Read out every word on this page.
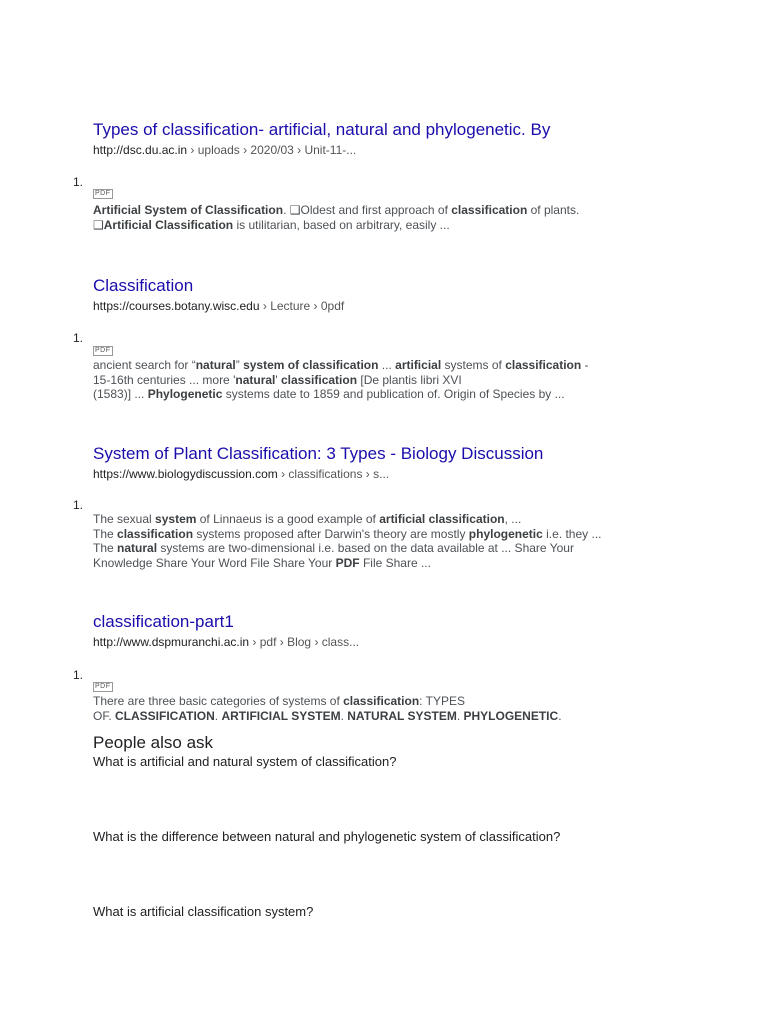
Types of classification- artificial, natural and phylogenetic. By
http://dsc.du.ac.in › uploads › 2020/03 › Unit-11-...
1.
PDF
Artificial System of Classification. ❑Oldest and first approach of classification of plants.
❑Artificial Classification is utilitarian, based on arbitrary, easily ...
Classification
https://courses.botany.wisc.edu › Lecture › 0pdf
1.
PDF
ancient search for “natural” system of classification ... artificial systems of classification -
15-16th centuries ... more 'natural' classification [De plantis libri XVI
(1583)] ... Phylogenetic systems date to 1859 and publication of. Origin of Species by ...
System of Plant Classification: 3 Types - Biology Discussion
https://www.biologydiscussion.com › classifications › s...
1.
The sexual system of Linnaeus is a good example of artificial classification, ...
The classification systems proposed after Darwin's theory are mostly phylogenetic i.e. they ...
The natural systems are two-dimensional i.e. based on the data available at ... Share Your
Knowledge Share Your Word File Share Your PDF File Share ...
classification-part1
http://www.dspmuranchi.ac.in › pdf › Blog › class...
1.
PDF
There are three basic categories of systems of classification: TYPES
OF. CLASSIFICATION. ARTIFICIAL SYSTEM. NATURAL SYSTEM. PHYLOGENETIC.
People also ask
What is artificial and natural system of classification?
What is the difference between natural and phylogenetic system of classification?
What is artificial classification system?
